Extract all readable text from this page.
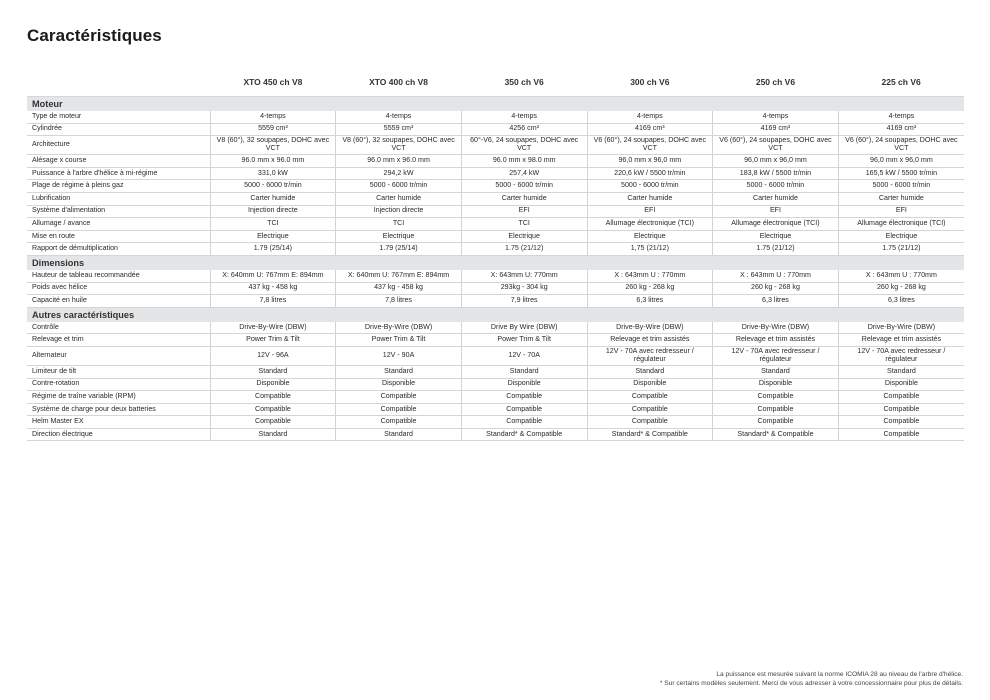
Caractéristiques
	XTO 450 ch V8	XTO 400 ch V8	350 ch V6	300 ch V6	250 ch V6	225 ch V6
Moteur						
Type de moteur	4-temps	4-temps	4-temps	4-temps	4-temps	4-temps
Cylindrée	5559 cm³	5559 cm³	4256 cm³	4169 cm³	4169 cm³	4169 cm³
Architecture	V8 (60°), 32 soupapes, DOHC avec VCT	V8 (60°), 32 soupapes, DOHC avec VCT	60°-V6, 24 soupapes, DOHC avec VCT	V6 (60°), 24 soupapes, DOHC avec VCT	V6 (60°), 24 soupapes, DOHC avec VCT	V6 (60°), 24 soupapes, DOHC avec VCT
Alésage x course	96.0 mm x 96.0 mm	96.0 mm x 96.0 mm	96.0 mm x 98.0 mm	96,0 mm x 96,0 mm	96,0 mm x 96,0 mm	96,0 mm x 96,0 mm
Puissance à l'arbre d'hélice à mi-régime	331,0 kW	294,2 kW	257,4 kW	220,6 kW / 5500 tr/min	183,8 kW / 5500 tr/min	165,5 kW / 5500 tr/min
Plage de régime à pleins gaz	5000 - 6000 tr/min	5000 - 6000 tr/min	5000 - 6000 tr/min	5000 - 6000 tr/min	5000 - 6000 tr/min	5000 - 6000 tr/min
Lubrification	Carter humide	Carter humide	Carter humide	Carter humide	Carter humide	Carter humide
Système d'alimentation	Injection directe	Injection directe	EFI	EFI	EFI	EFI
Allumage / avance	TCI	TCI	TCI	Allumage électronique (TCI)	Allumage électronique (TCI)	Allumage électronique (TCI)
Mise en route	Electrique	Electrique	Electrique	Electrique	Electrique	Electrique
Rapport de démultiplication	1.79 (25/14)	1.79 (25/14)	1.75 (21/12)	1,75 (21/12)	1.75 (21/12)	1.75 (21/12)
Dimensions						
Hauteur de tableau recommandée	X: 640mm U: 767mm E: 894mm	X: 640mm U: 767mm E: 894mm	X: 643mm U: 770mm	X : 643mm U : 770mm	X : 643mm U : 770mm	X : 643mm U : 770mm
Poids avec hélice	437 kg - 458 kg	437 kg - 458 kg	293kg - 304 kg	260 kg - 268 kg	260 kg - 268 kg	260 kg - 268 kg
Capacité en huile	7,8 litres	7,8 litres	7,9 litres	6,3 litres	6,3 litres	6,3 litres
Autres caractéristiques						
Contrôle	Drive-By-Wire (DBW)	Drive-By-Wire (DBW)	Drive By Wire (DBW)	Drive-By-Wire (DBW)	Drive-By-Wire (DBW)	Drive-By-Wire (DBW)
Relevage et trim	Power Trim & Tilt	Power Trim & Tilt	Power Trim & Tilt	Relevage et trim assistés	Relevage et trim assistés	Relevage et trim assistés
Alternateur	12V - 96A	12V - 90A	12V - 70A	12V - 70A avec redresseur / régulateur	12V - 70A avec redresseur / régulateur	12V - 70A avec redresseur / régulateur
Limiteur de tilt	Standard	Standard	Standard	Standard	Standard	Standard
Contre-rotation	Disponible	Disponible	Disponible	Disponible	Disponible	Disponible
Régime de traîne variable (RPM)	Compatible	Compatible	Compatible	Compatible	Compatible	Compatible
Système de charge pour deux batteries	Compatible	Compatible	Compatible	Compatible	Compatible	Compatible
Helm Master EX	Compatible	Compatible	Compatible	Compatible	Compatible	Compatible
Direction électrique	Standard	Standard	Standard* & Compatible	Standard* & Compatible	Standard* & Compatible	Compatible
La puissance est mesurée suivant la norme ICOMIA 28 au niveau de l'arbre d'hélice.
* Sur certains modèles seulement. Merci de vous adresser à votre concessionnaire pour plus de détails.
